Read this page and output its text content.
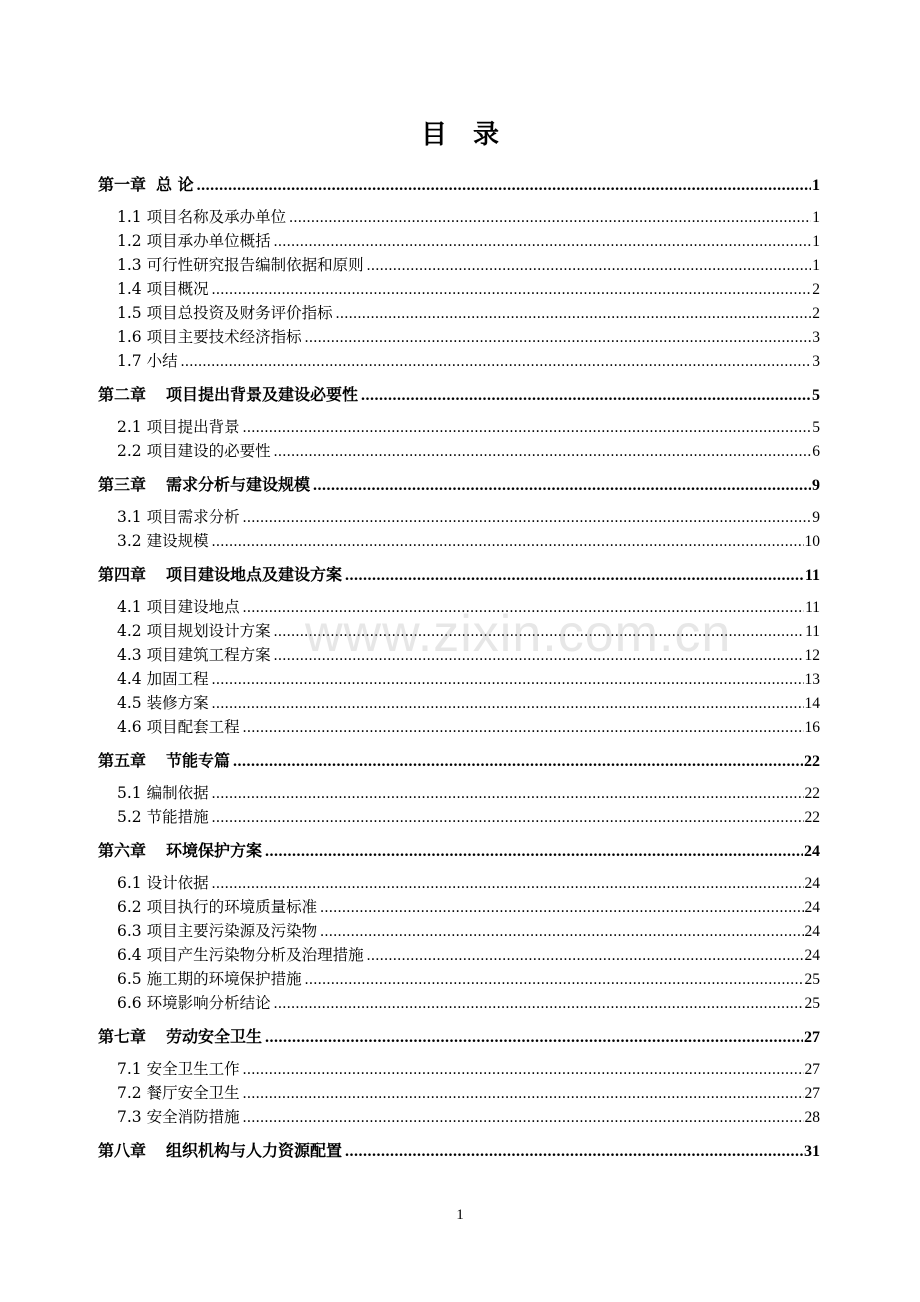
目　录
第一章 总 论 .....	1
1.1 项目名称及承办单位 .....	1
1.2 项目承办单位概括 .....	1
1.3 可行性研究报告编制依据和原则 .....	1
1.4 项目概况 .....	2
1.5 项目总投资及财务评价指标 .....	2
1.6 项目主要技术经济指标 .....	3
1.7 小结 .....	3
第二章 项目提出背景及建设必要性 .....	5
2.1 项目提出背景 .....	5
2.2 项目建设的必要性 .....	6
第三章 需求分析与建设规模 .....	9
3.1 项目需求分析 .....	9
3.2 建设规模 .....	10
第四章 项目建设地点及建设方案 .....	11
4.1 项目建设地点 .....	11
4.2 项目规划设计方案 .....	11
4.3 项目建筑工程方案 .....	12
4.4 加固工程 .....	13
4.5 装修方案 .....	14
4.6 项目配套工程 .....	16
第五章 节能专篇 .....	22
5.1 编制依据 .....	22
5.2 节能措施 .....	22
第六章 环境保护方案 .....	24
6.1 设计依据 .....	24
6.2 项目执行的环境质量标准 .....	24
6.3 项目主要污染源及污染物 .....	24
6.4 项目产生污染物分析及治理措施 .....	24
6.5 施工期的环境保护措施 .....	25
6.6 环境影响分析结论 .....	25
第七章 劳动安全卫生 .....	27
7.1 安全卫生工作 .....	27
7.2 餐厅安全卫生 .....	27
7.3 安全消防措施 .....	28
第八章 组织机构与人力资源配置 .....	31
www.zixin.com.cn
1
